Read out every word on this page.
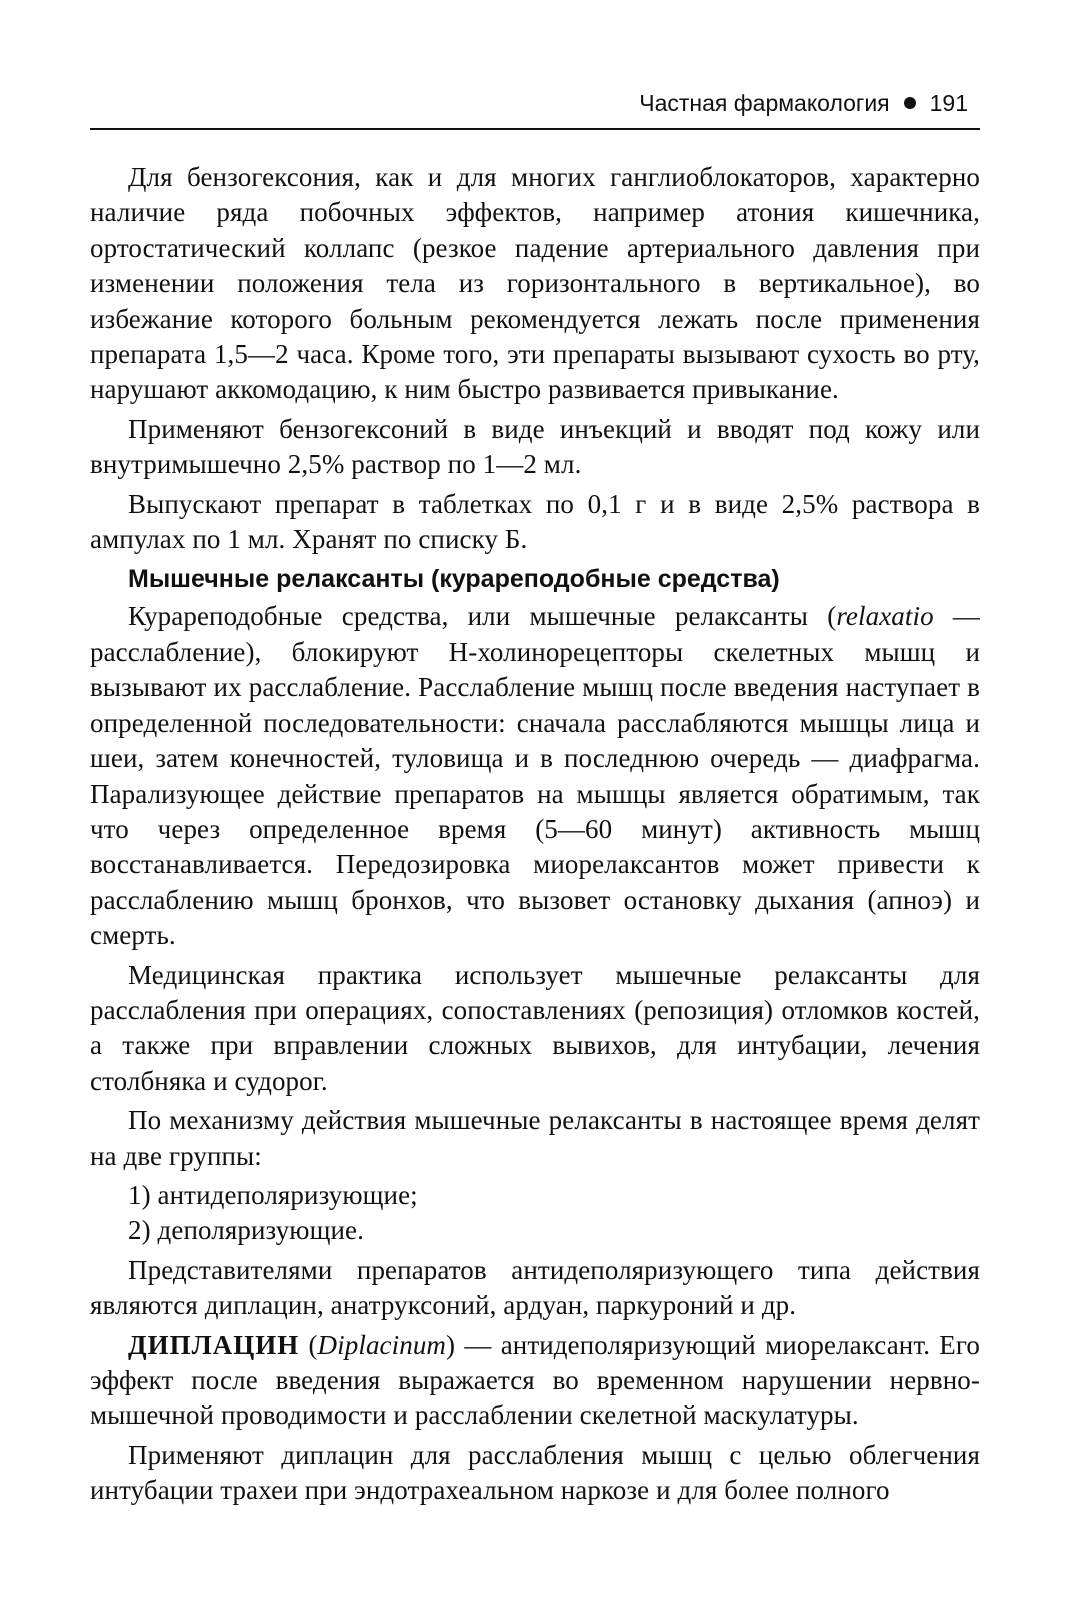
Частная фармакология 191

Для бензогексония, как и для многих ганглиоблокаторов, характерно наличие ряда побочных эффектов, например атония кишечника, ортостатический коллапс (резкое падение артериального давления при изменении положения тела из горизонтального в вертикальное), во избежание которого больным рекомендуется лежать после применения препарата 1,5—2 часа. Кроме того, эти препараты вызывают сухость во рту, нарушают аккомодацию, к ним быстро развивается привыкание.

Применяют бензогексоний в виде инъекций и вводят под кожу или внутримышечно 2,5% раствор по 1—2 мл.

Выпускают препарат в таблетках по 0,1 г и в виде 2,5% раствора в ампулах по 1 мл. Хранят по списку Б.

Мышечные релаксанты (курареподобные средства)

Курареподобные средства, или мышечные релаксанты (relaxatio — расслабление), блокируют Н-холинорецепторы скелетных мышц и вызывают их расслабление. Расслабление мышц после введения наступает в определенной последовательности: сначала расслабляются мышцы лица и шеи, затем конечностей, туловища и в последнюю очередь — диафрагма. Парализующее действие препаратов на мышцы является обратимым, так что через определенное время (5—60 минут) активность мышц восстанавливается. Передозировка миорелаксантов может привести к расслаблению мышц бронхов, что вызовет остановку дыхания (апноэ) и смерть.

Медицинская практика использует мышечные релаксанты для расслабления при операциях, сопоставлениях (репозиция) отломков костей, а также при вправлении сложных вывихов, для интубации, лечения столбняка и судорог.

По механизму действия мышечные релаксанты в настоящее время делят на две группы:

1) антидеполяризующие;

2) деполяризующие.

Представителями препаратов антидеполяризующего типа действия являются диплацин, анатруксоний, ардуан, паркуроний и др.

ДИПЛАЦИН (Diplacinum) — антидеполяризующий миорелаксант. Его эффект после введения выражается во временном нарушении нервно-мышечной проводимости и расслаблении скелетной маскулатуры.

Применяют диплацин для расслабления мышц с целью облегчения интубации трахеи при эндотрахеальном наркозе и для более полного
